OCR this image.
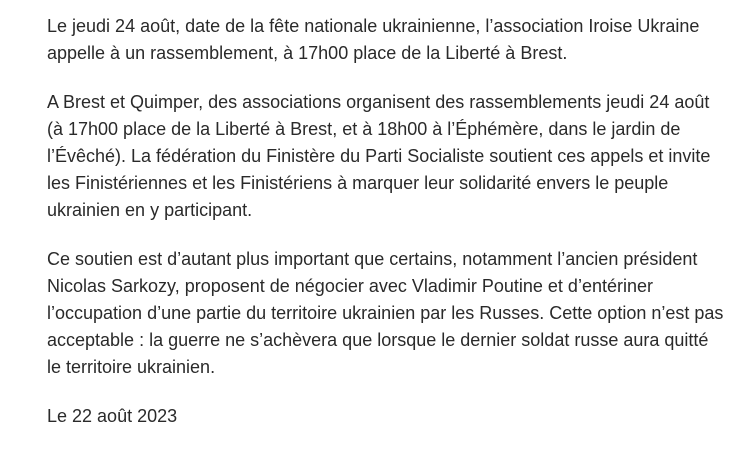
Le jeudi 24 août, date de la fête nationale ukrainienne, l’association Iroise Ukraine appelle à un rassemblement, à 17h00 place de la Liberté à Brest.

A Brest et Quimper, des associations organisent des rassemblements jeudi 24 août (à 17h00 place de la Liberté à Brest, et à 18h00 à l’Éphémère, dans le jardin de l’Évêché). La fédération du Finistère du Parti Socialiste soutient ces appels et invite les Finistériennes et les Finistériens à marquer leur solidarité envers le peuple ukrainien en y participant.

Ce soutien est d’autant plus important que certains, notamment l’ancien président Nicolas Sarkozy, proposent de négocier avec Vladimir Poutine et d’entériner l’occupation d’une partie du territoire ukrainien par les Russes. Cette option n’est pas acceptable : la guerre ne s’achèvera que lorsque le dernier soldat russe aura quitté le territoire ukrainien.

Le 22 août 2023
